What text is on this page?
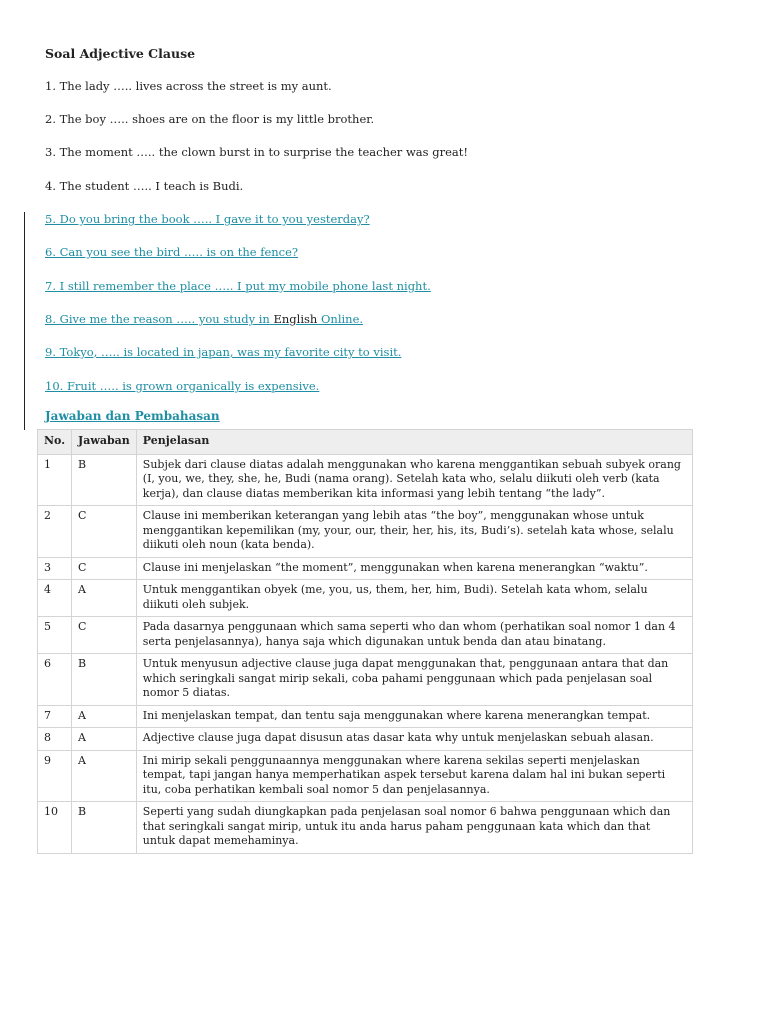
Soal Adjective Clause
1. The lady ….. lives across the street is my aunt.
2. The boy ….. shoes are on the floor is my little brother.
3. The moment ….. the clown burst in to surprise the teacher was great!
4. The student ….. I teach is Budi.
5. Do you bring the book ….. I gave it to you yesterday?
6. Can you see the bird ….. is on the fence?
7. I still remember the place ….. I put my mobile phone last night.
8. Give me the reason ….. you study in English Online.
9. Tokyo, ….. is located in japan, was my favorite city to visit.
10. Fruit ….. is grown organically is expensive.
Jawaban dan Pembahasan
No.	Jawaban	Penjelasan
1	B	Subjek dari clause diatas adalah menggunakan who karena menggantikan sebuah subyek orang (I, you, we, they, she, he, Budi (nama orang). Setelah kata who, selalu diikuti oleh verb (kata kerja), dan clause diatas memberikan kita informasi yang lebih tentang “the lady”.
2	C	Clause ini memberikan keterangan yang lebih atas “the boy”, menggunakan whose untuk menggantikan kepemilikan (my, your, our, their, her, his, its, Budi’s). setelah kata whose, selalu diikuti oleh noun (kata benda).
3	C	Clause ini menjelaskan “the moment”, menggunakan when karena menerangkan “waktu”.
4	A	Untuk menggantikan obyek (me, you, us, them, her, him, Budi). Setelah kata whom, selalu diikuti oleh subjek.
5	C	Pada dasarnya penggunaan which sama seperti who dan whom (perhatikan soal nomor 1 dan 4 serta penjelasannya), hanya saja which digunakan untuk benda dan atau binatang.
6	B	Untuk menyusun adjective clause juga dapat menggunakan that, penggunaan antara that dan which seringkali sangat mirip sekali, coba pahami penggunaan which pada penjelasan soal nomor 5 diatas.
7	A	Ini menjelaskan tempat, dan tentu saja menggunakan where karena menerangkan tempat.
8	A	Adjective clause juga dapat disusun atas dasar kata why untuk menjelaskan sebuah alasan.
9	A	Ini mirip sekali penggunaannya menggunakan where karena sekilas seperti menjelaskan tempat, tapi jangan hanya memperhatikan aspek tersebut karena dalam hal ini bukan seperti itu, coba perhatikan kembali soal nomor 5 dan penjelasannya.
10	B	Seperti yang sudah diungkapkan pada penjelasan soal nomor 6 bahwa penggunaan which dan that seringkali sangat mirip, untuk itu anda harus paham penggunaan kata which dan that untuk dapat memehaminya.
